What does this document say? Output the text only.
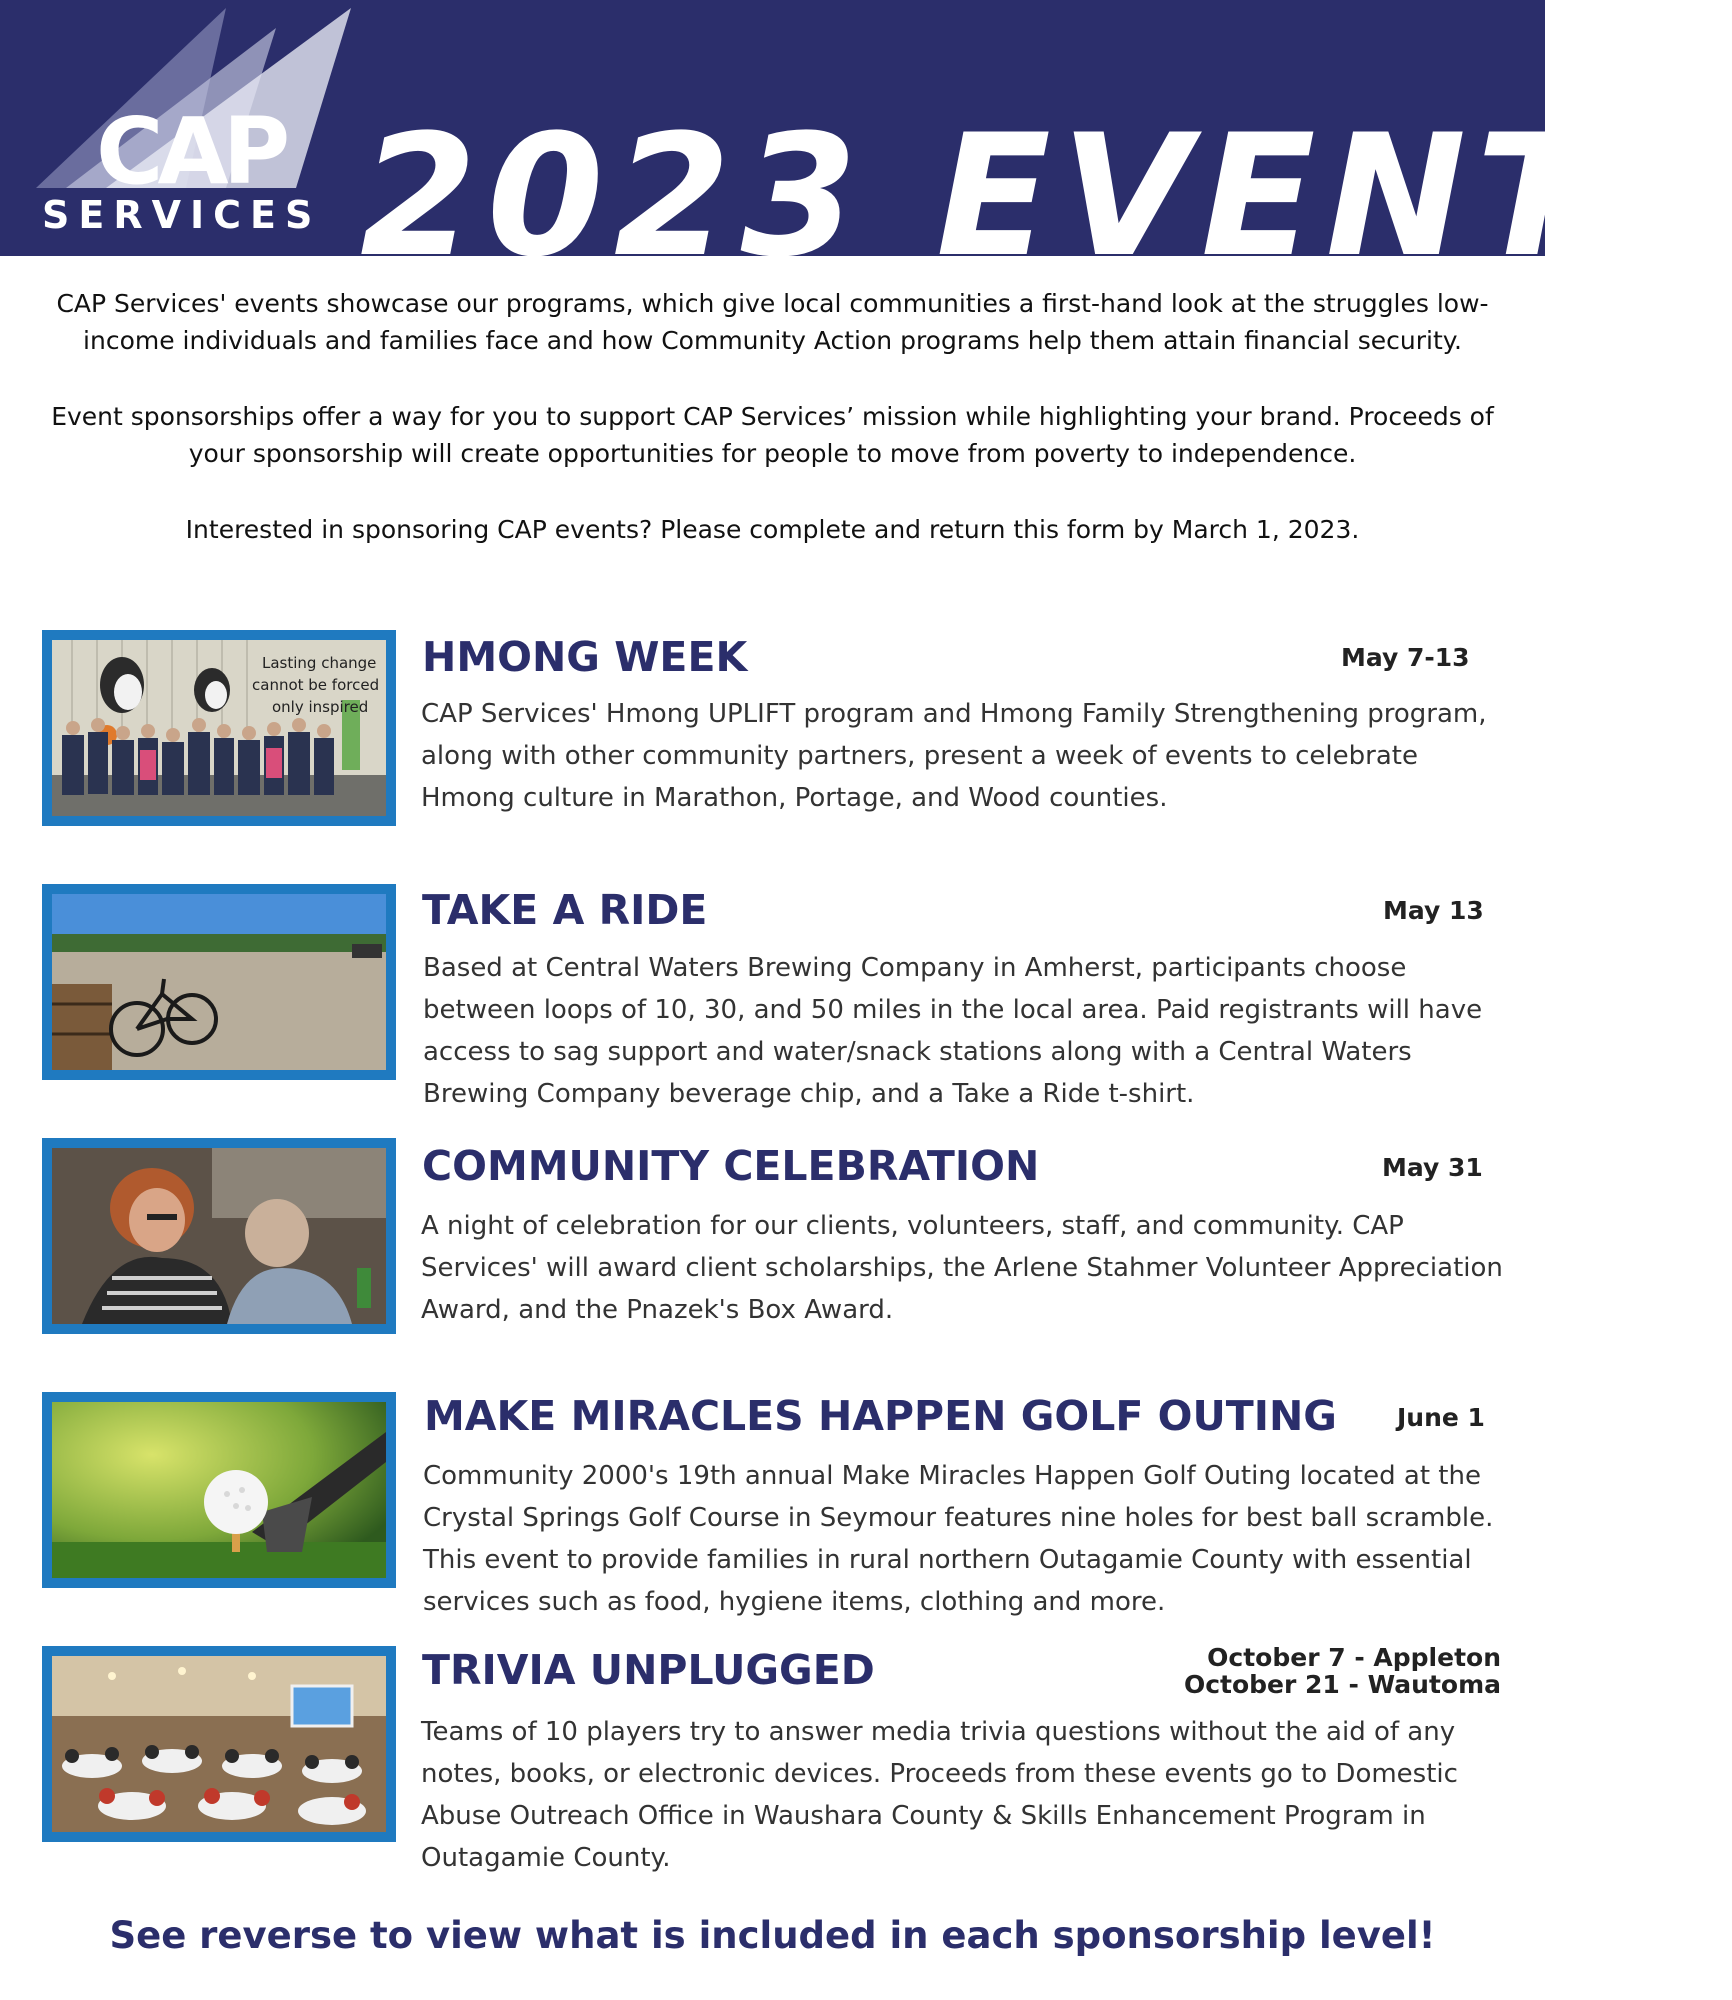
CAP
SERVICES 2023 EVENTS

CAP Services' events showcase our programs, which give local communities a first-hand look at the struggles low-income individuals and families face and how Community Action programs help them attain financial security.

Event sponsorships offer a way for you to support CAP Services’ mission while highlighting your brand. Proceeds of your sponsorship will create opportunities for people to move from poverty to independence.

Interested in sponsoring CAP events? Please complete and return this form by March 1, 2023.

Lasting change
cannot be forced
only inspired
HMONG WEEK	May 7-13

CAP Services' Hmong UPLIFT program and Hmong Family Strengthening program, along with other community partners, present a week of events to celebrate Hmong culture in Marathon, Portage, and Wood counties.

TAKE A RIDE	May 13

Based at Central Waters Brewing Company in Amherst, participants choose between loops of 10, 30, and 50 miles in the local area. Paid registrants will have access to sag support and water/snack stations along with a Central Waters Brewing Company beverage chip, and a Take a Ride t-shirt.

COMMUNITY CELEBRATION	May 31

A night of celebration for our clients, volunteers, staff, and community. CAP Services' will award client scholarships, the Arlene Stahmer Volunteer Appreciation Award, and the Pnazek's Box Award.

MAKE MIRACLES HAPPEN GOLF OUTING June 1

Community 2000's 19th annual Make Miracles Happen Golf Outing located at the Crystal Springs Golf Course in Seymour features nine holes for best ball scramble. This event to provide families in rural northern Outagamie County with essential services such as food, hygiene items, clothing and more.

TRIVIA UNPLUGGED	October 7 - Appleton
October 21 - Wautoma

Teams of 10 players try to answer media trivia questions without the aid of any notes, books, or electronic devices. Proceeds from these events go to Domestic Abuse Outreach Office in Waushara County & Skills Enhancement Program in Outagamie County.

See reverse to view what is included in each sponsorship level!
